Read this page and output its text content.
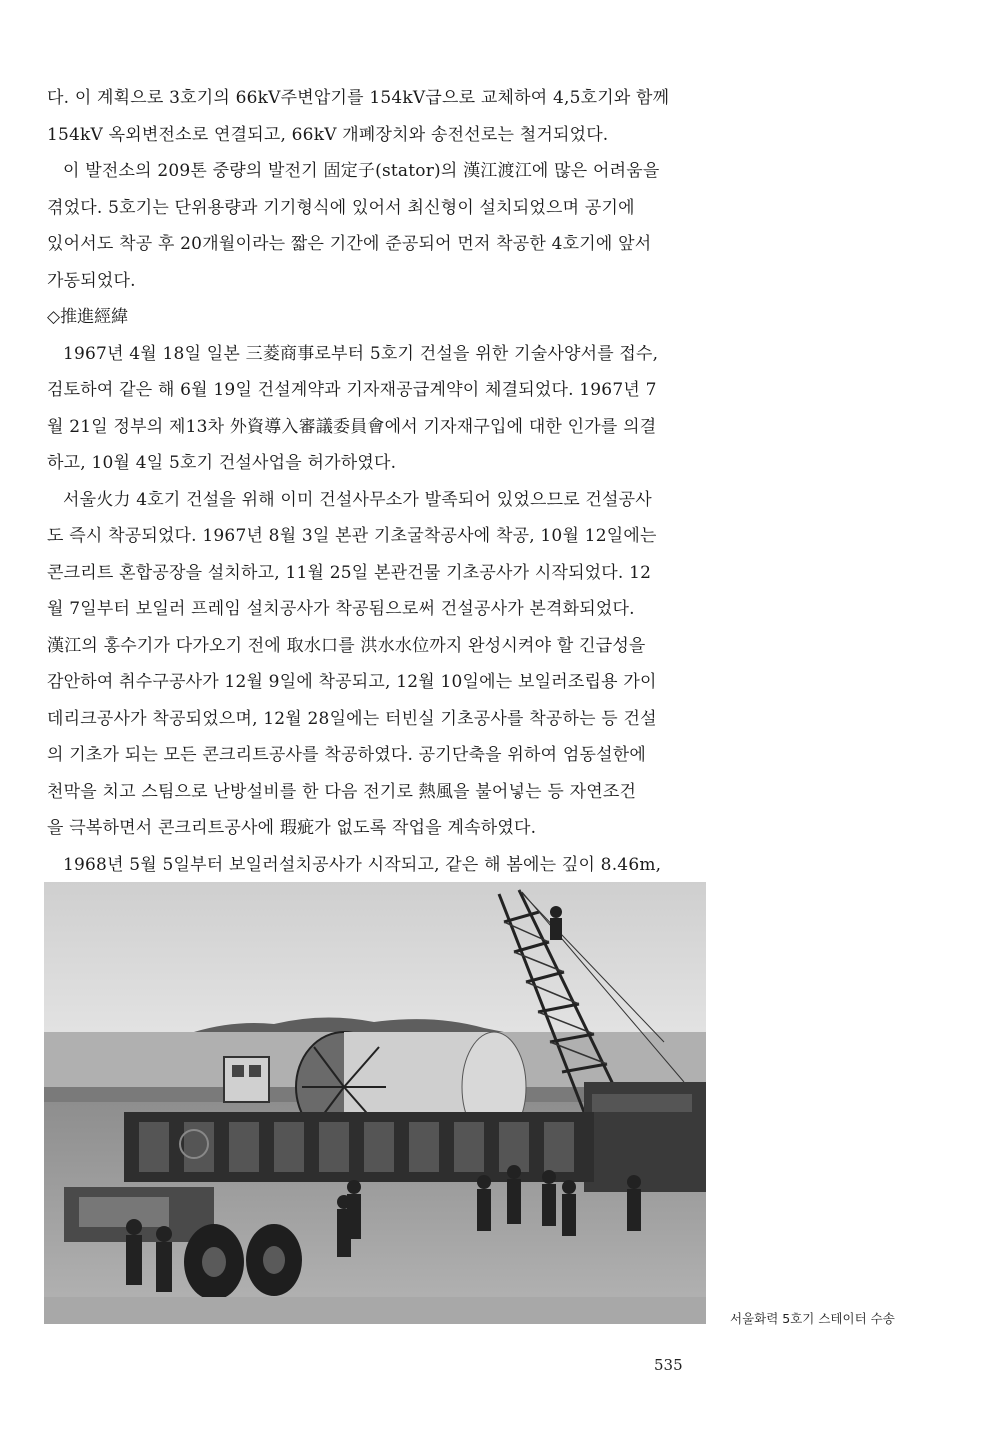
다. 이 계획으로 3호기의 66kV주변압기를 154kV급으로 교체하여 4,5호기와 함께
154kV 옥외변전소로 연결되고, 66kV 개폐장치와 송전선로는 철거되었다.
이 발전소의 209톤 중량의 발전기 固定子(stator)의 漢江渡江에 많은 어려움을
겪었다. 5호기는 단위용량과 기기형식에 있어서 최신형이 설치되었으며 공기에
있어서도 착공 후 20개월이라는 짧은 기간에 준공되어 먼저 착공한 4호기에 앞서
가동되었다.
◇推進經緯
1967년 4월 18일 일본 三菱商事로부터 5호기 건설을 위한 기술사양서를 접수,
검토하여 같은 해 6월 19일 건설계약과 기자재공급계약이 체결되었다. 1967년 7
월 21일 정부의 제13차 外資導入審議委員會에서 기자재구입에 대한 인가를 의결
하고, 10월 4일 5호기 건설사업을 허가하였다.
서울火力 4호기 건설을 위해 이미 건설사무소가 발족되어 있었으므로 건설공사
도 즉시 착공되었다. 1967년 8월 3일 본관 기초굴착공사에 착공, 10월 12일에는
콘크리트 혼합공장을 설치하고, 11월 25일 본관건물 기초공사가 시작되었다. 12
월 7일부터 보일러 프레임 설치공사가 착공됨으로써 건설공사가 본격화되었다.
漢江의 홍수기가 다가오기 전에 取水口를 洪水水位까지 완성시켜야 할 긴급성을
감안하여 취수구공사가 12월 9일에 착공되고, 12월 10일에는 보일러조립용 가이
데리크공사가 착공되었으며, 12월 28일에는 터빈실 기초공사를 착공하는 등 건설
의 기초가 되는 모든 콘크리트공사를 착공하였다. 공기단축을 위하여 엄동설한에
천막을 치고 스팀으로 난방설비를 한 다음 전기로 熱風을 불어넣는 등 자연조건
을 극복하면서 콘크리트공사에 瑕疵가 없도록 작업을 계속하였다.
1968년 5월 5일부터 보일러설치공사가 시작되고, 같은 해 봄에는 깊이 8.46m,
서울화력 5호기 스테이터 수송
535
